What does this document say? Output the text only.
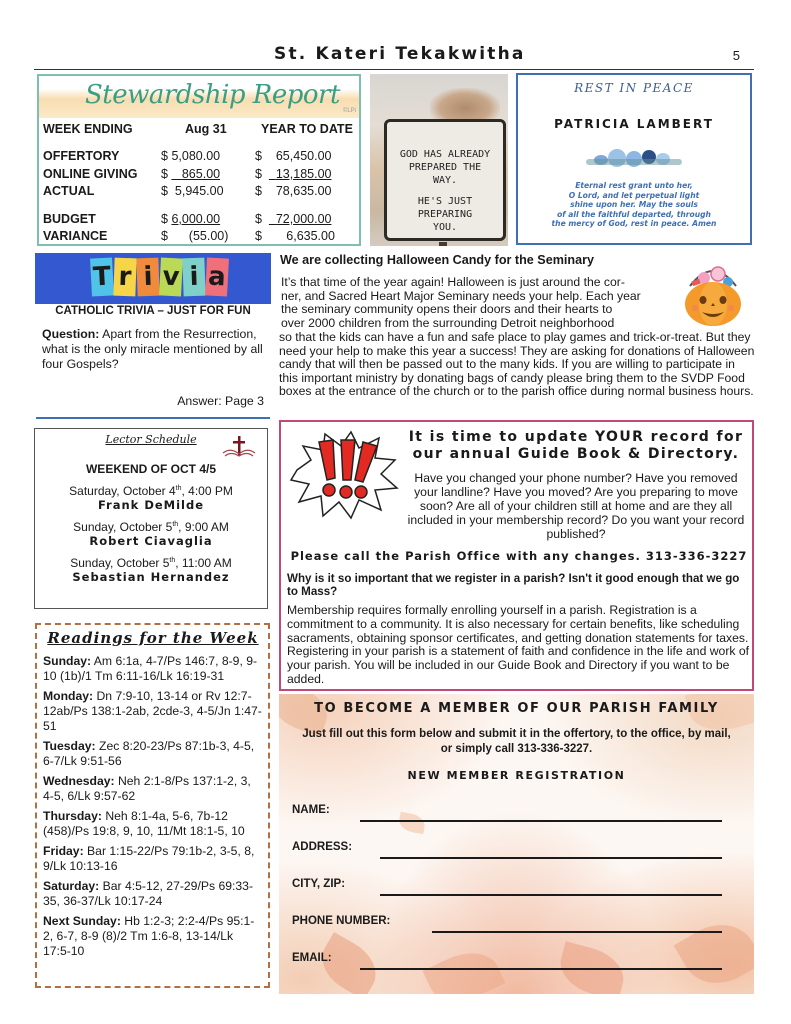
St. Kateri Tekakwitha	5
Stewardship Report
©LPi
WEEK ENDING	Aug 31	YEAR TO DATE

OFFERTORY	$ 5,080.00	$ 65,450.00
ONLINE GIVING	$ 865.00	$ 13,185.00
ACTUAL	$ 5,945.00	$ 78,635.00

BUDGET	$ 6,000.00	$ 72,000.00
VARIANCE	$ (55.00)	$ 6,635.00
GOD HAS ALREADY PREPARED THE WAY.
HE'S JUST PREPARING YOU.
REST IN PEACE
PATRICIA LAMBERT
Eternal rest grant unto her,
O Lord, and let perpetual light
shine upon her. May the souls
of all the faithful departed, through
the mercy of God, rest in peace. Amen
T r i v i a
CATHOLIC TRIVIA – JUST FOR FUN
Question: Apart from the Resurrection, what is the only miracle mentioned by all four Gospels?
Answer: Page 3
We are collecting Halloween Candy for the Seminary
It’s that time of the year again! Halloween is just around the cor-
ner, and Sacred Heart Major Seminary needs your help. Each year
the seminary community opens their doors and their hearts to
over 2000 children from the surrounding Detroit neighborhood
so that the kids can have a fun and safe place to play games and trick-or-treat. But they need your help to make this year a success! They are asking for donations of Halloween candy that will then be passed out to the many kids. If you are willing to participate in this important ministry by donating bags of candy please bring them to the SVDP Food boxes at the entrance of the church or to the parish office during normal business hours.
Lector Schedule
WEEKEND OF OCT 4/5
Saturday, October 4th, 4:00 PM
Frank DeMilde
Sunday, October 5th, 9:00 AM
Robert Ciavaglia
Sunday, October 5th, 11:00 AM
Sebastian Hernandez
Readings for the Week
Sunday: Am 6:1a, 4-7/Ps 146:7, 8-9, 9-10 (1b)/1 Tm 6:11-16/Lk 16:19-31
Monday: Dn 7:9-10, 13-14 or Rv 12:7-12ab/Ps 138:1-2ab, 2cde-3, 4-5/Jn 1:47-51
Tuesday: Zec 8:20-23/Ps 87:1b-3, 4-5, 6-7/Lk 9:51-56
Wednesday: Neh 2:1-8/Ps 137:1-2, 3, 4-5, 6/Lk 9:57-62
Thursday: Neh 8:1-4a, 5-6, 7b-12 (458)/Ps 19:8, 9, 10, 11/Mt 18:1-5, 10
Friday: Bar 1:15-22/Ps 79:1b-2, 3-5, 8, 9/Lk 10:13-16
Saturday: Bar 4:5-12, 27-29/Ps 69:33-35, 36-37/Lk 10:17-24
Next Sunday: Hb 1:2-3; 2:2-4/Ps 95:1-2, 6-7, 8-9 (8)/2 Tm 1:6-8, 13-14/Lk 17:5-10
It is time to update YOUR record for
our annual Guide Book & Directory.
Have you changed your phone number? Have you removed your landline? Have you moved? Are you preparing to move soon? Are all of your children still at home and are they all included in your membership record? Do you want your record published?
Please call the Parish Office with any changes. 313-336-3227
Why is it so important that we register in a parish? Isn't it good enough that we go to Mass?
Membership requires formally enrolling yourself in a parish. Registration is a commitment to a community. It is also necessary for certain benefits, like scheduling sacraments, obtaining sponsor certificates, and getting donation statements for taxes. Registering in your parish is a statement of faith and confidence in the life and work of your parish. You will be included in our Guide Book and Directory if you want to be added.
TO BECOME A MEMBER OF OUR PARISH FAMILY
Just fill out this form below and submit it in the offertory, to the office, by mail, or simply call 313-336-3227.
NEW MEMBER REGISTRATION
NAME:
ADDRESS:
CITY, ZIP:
PHONE NUMBER:
EMAIL:
